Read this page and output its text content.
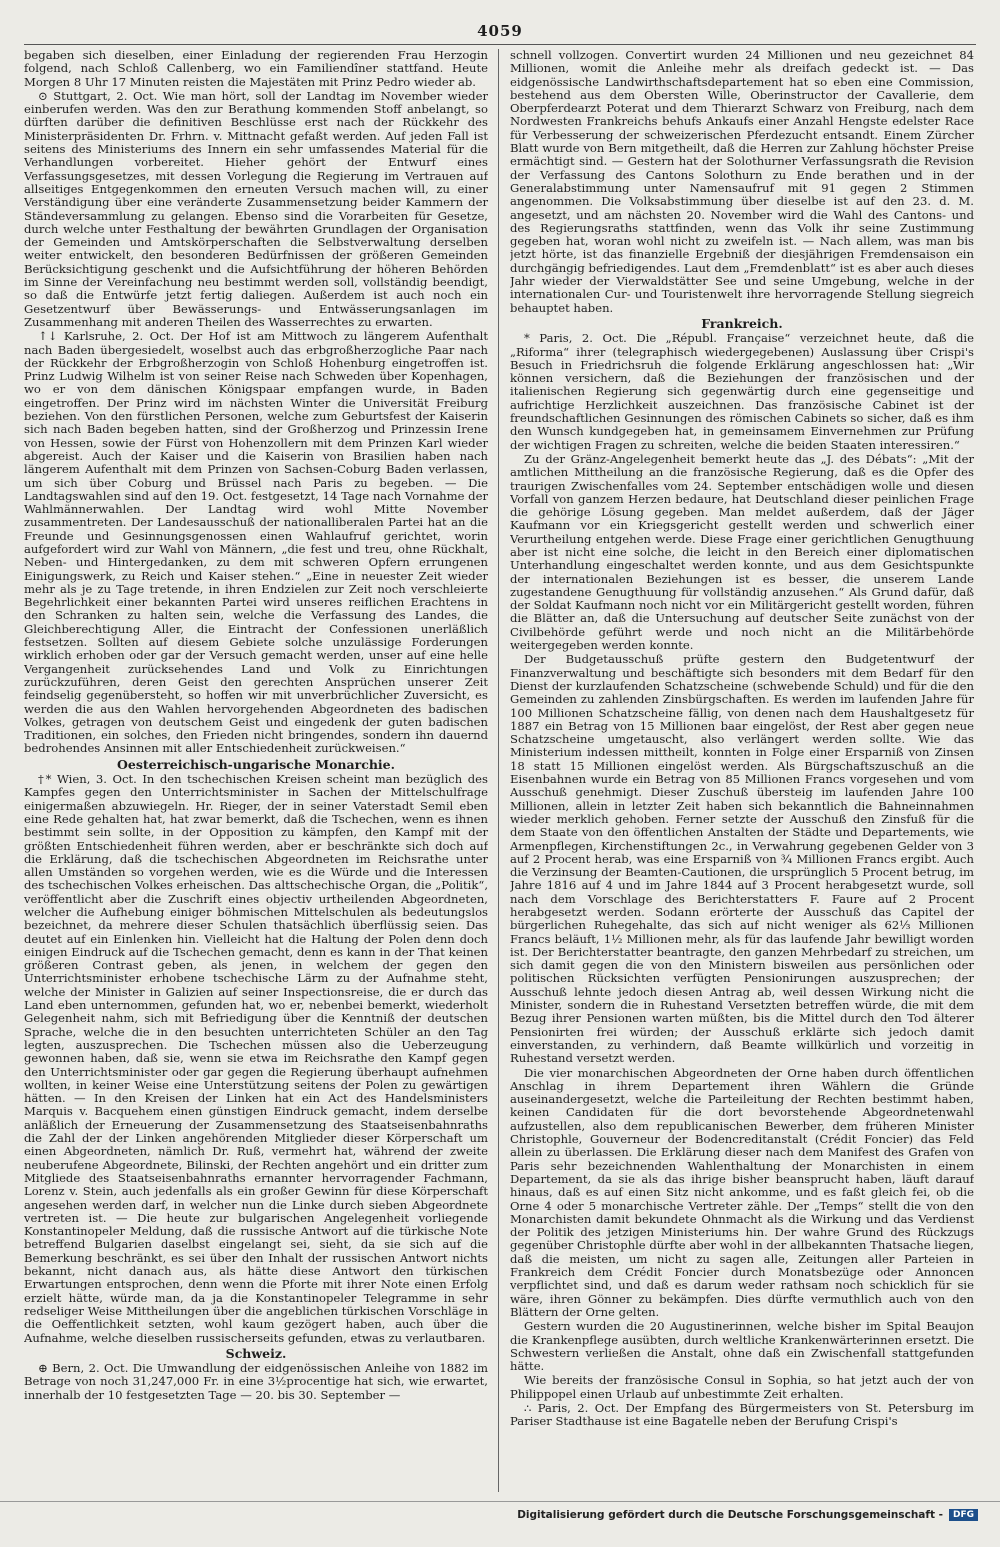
4059

begaben sich dieselben, einer Einladung der regierenden Frau Herzogin folgend, nach Schloß Callenberg, wo ein Familiendîner stattfand. Heute Morgen 8 Uhr 17 Minuten reisten die Majestäten mit Prinz Pedro wieder ab.

⊙ Stuttgart, 2. Oct. Wie man hört, soll der Landtag im November wieder einberufen werden. Was den zur Berathung kommenden Stoff anbelangt, so dürften darüber die definitiven Beschlüsse erst nach der Rückkehr des Ministerpräsidenten Dr. Frhrn. v. Mittnacht gefaßt werden. Auf jeden Fall ist seitens des Ministeriums des Innern ein sehr umfassendes Material für die Verhandlungen vorbereitet. Hieher gehört der Entwurf eines Verfassungsgesetzes, mit dessen Vorlegung die Regierung im Vertrauen auf allseitiges Entgegenkommen den erneuten Versuch machen will, zu einer Verständigung über eine veränderte Zusammensetzung beider Kammern der Ständeversammlung zu gelangen. Ebenso sind die Vorarbeiten für Gesetze, durch welche unter Festhaltung der bewährten Grundlagen der Organisation der Gemeinden und Amtskörperschaften die Selbstverwaltung derselben weiter entwickelt, den besonderen Bedürfnissen der größeren Gemeinden Berücksichtigung geschenkt und die Aufsichtführung der höheren Behörden im Sinne der Vereinfachung neu bestimmt werden soll, vollständig beendigt, so daß die Entwürfe jetzt fertig daliegen. Außerdem ist auch noch ein Gesetzentwurf über Bewässerungs- und Entwässerungsanlagen im Zusammenhang mit anderen Theilen des Wasserrechtes zu erwarten.

↑↓ Karlsruhe, 2. Oct. Der Hof ist am Mittwoch zu längerem Aufenthalt nach Baden übergesiedelt, woselbst auch das erbgroßherzogliche Paar nach der Rückkehr der Erbgroßherzogin von Schloß Hohenburg eingetroffen ist. Prinz Ludwig Wilhelm ist von seiner Reise nach Schweden über Kopenhagen, wo er von dem dänischen Königspaar empfangen wurde, in Baden eingetroffen. Der Prinz wird im nächsten Winter die Universität Freiburg beziehen. Von den fürstlichen Personen, welche zum Geburtsfest der Kaiserin sich nach Baden begeben hatten, sind der Großherzog und Prinzessin Irene von Hessen, sowie der Fürst von Hohenzollern mit dem Prinzen Karl wieder abgereist. Auch der Kaiser und die Kaiserin von Brasilien haben nach längerem Aufenthalt mit dem Prinzen von Sachsen-Coburg Baden verlassen, um sich über Coburg und Brüssel nach Paris zu begeben. — Die Landtagswahlen sind auf den 19. Oct. festgesetzt, 14 Tage nach Vornahme der Wahlmännerwahlen. Der Landtag wird wohl Mitte November zusammentreten. Der Landesausschuß der nationalliberalen Partei hat an die Freunde und Gesinnungsgenossen einen Wahlaufruf gerichtet, worin aufgefordert wird zur Wahl von Männern, „die fest und treu, ohne Rückhalt, Neben- und Hintergedanken, zu dem mit schweren Opfern errungenen Einigungswerk, zu Reich und Kaiser stehen.“ „Eine in neuester Zeit wieder mehr als je zu Tage tretende, in ihren Endzielen zur Zeit noch verschleierte Begehrlichkeit einer bekannten Partei wird unseres reiflichen Erachtens in den Schranken zu halten sein, welche die Verfassung des Landes, die Gleichberechtigung Aller, die Eintracht der Confessionen unerläßlich festsetzen. Sollten auf diesem Gebiete solche unzulässige Forderungen wirklich erhoben oder gar der Versuch gemacht werden, unser auf eine helle Vergangenheit zurücksehendes Land und Volk zu Einrichtungen zurückzuführen, deren Geist den gerechten Ansprüchen unserer Zeit feindselig gegenübersteht, so hoffen wir mit unverbrüchlicher Zuversicht, es werden die aus den Wahlen hervorgehenden Abgeordneten des badischen Volkes, getragen von deutschem Geist und eingedenk der guten badischen Traditionen, ein solches, den Frieden nicht bringendes, sondern ihn dauernd bedrohendes Ansinnen mit aller Entschiedenheit zurückweisen.“

Oesterreichisch-ungarische Monarchie.

†* Wien, 3. Oct. In den tschechischen Kreisen scheint man bezüglich des Kampfes gegen den Unterrichtsminister in Sachen der Mittelschulfrage einigermaßen abzuwiegeln. Hr. Rieger, der in seiner Vaterstadt Semil eben eine Rede gehalten hat, hat zwar bemerkt, daß die Tschechen, wenn es ihnen bestimmt sein sollte, in der Opposition zu kämpfen, den Kampf mit der größten Entschiedenheit führen werden, aber er beschränkte sich doch auf die Erklärung, daß die tschechischen Abgeordneten im Reichsrathe unter allen Umständen so vorgehen werden, wie es die Würde und die Interessen des tschechischen Volkes erheischen. Das alttschechische Organ, die „Politik“, veröffentlicht aber die Zuschrift eines objectiv urtheilenden Abgeordneten, welcher die Aufhebung einiger böhmischen Mittelschulen als bedeutungslos bezeichnet, da mehrere dieser Schulen thatsächlich überflüssig seien. Das deutet auf ein Einlenken hin. Vielleicht hat die Haltung der Polen denn doch einigen Eindruck auf die Tschechen gemacht, denn es kann in der That keinen größeren Contrast geben, als jenen, in welchem der gegen den Unterrichtsminister erhobene tschechische Lärm zu der Aufnahme steht, welche der Minister in Galizien auf seiner Inspectionsreise, die er durch das Land eben unternommen, gefunden hat, wo er, nebenbei bemerkt, wiederholt Gelegenheit nahm, sich mit Befriedigung über die Kenntniß der deutschen Sprache, welche die in den besuchten unterrichteten Schüler an den Tag legten, auszusprechen. Die Tschechen müssen also die Ueberzeugung gewonnen haben, daß sie, wenn sie etwa im Reichsrathe den Kampf gegen den Unterrichtsminister oder gar gegen die Regierung überhaupt aufnehmen wollten, in keiner Weise eine Unterstützung seitens der Polen zu gewärtigen hätten. — In den Kreisen der Linken hat ein Act des Handelsministers Marquis v. Bacquehem einen günstigen Eindruck gemacht, indem derselbe anläßlich der Erneuerung der Zusammensetzung des Staatseisenbahnraths die Zahl der der Linken angehörenden Mitglieder dieser Körperschaft um einen Abgeordneten, nämlich Dr. Ruß, vermehrt hat, während der zweite neuberufene Abgeordnete, Bilinski, der Rechten angehört und ein dritter zum Mitgliede des Staatseisenbahnraths ernannter hervorragender Fachmann, Lorenz v. Stein, auch jedenfalls als ein großer Gewinn für diese Körperschaft angesehen werden darf, in welcher nun die Linke durch sieben Abgeordnete vertreten ist. — Die heute zur bulgarischen Angelegenheit vorliegende Konstantinopeler Meldung, daß die russische Antwort auf die türkische Note betreffend Bulgarien daselbst eingelangt sei, sieht, da sie sich auf die Bemerkung beschränkt, es sei über den Inhalt der russischen Antwort nichts bekannt, nicht danach aus, als hätte diese Antwort den türkischen Erwartungen entsprochen, denn wenn die Pforte mit ihrer Note einen Erfolg erzielt hätte, würde man, da ja die Konstantinopeler Telegramme in sehr redseliger Weise Mittheilungen über die angeblichen türkischen Vorschläge in die Oeffentlichkeit setzten, wohl kaum gezögert haben, auch über die Aufnahme, welche dieselben russischerseits gefunden, etwas zu verlautbaren.

Schweiz.

⊕ Bern, 2. Oct. Die Umwandlung der eidgenössischen Anleihe von 1882 im Betrage von noch 31,247,000 Fr. in eine 3½procentige hat sich, wie erwartet, innerhalb der 10 festgesetzten Tage — 20. bis 30. September —

schnell vollzogen. Convertirt wurden 24 Millionen und neu gezeichnet 84 Millionen, womit die Anleihe mehr als dreifach gedeckt ist. — Das eidgenössische Landwirthschaftsdepartement hat so eben eine Commission, bestehend aus dem Obersten Wille, Oberinstructor der Cavallerie, dem Oberpferdearzt Poterat und dem Thierarzt Schwarz von Freiburg, nach dem Nordwesten Frankreichs behufs Ankaufs einer Anzahl Hengste edelster Race für Verbesserung der schweizerischen Pferdezucht entsandt. Einem Zürcher Blatt wurde von Bern mitgetheilt, daß die Herren zur Zahlung höchster Preise ermächtigt sind. — Gestern hat der Solothurner Verfassungsrath die Revision der Verfassung des Cantons Solothurn zu Ende berathen und in der Generalabstimmung unter Namensaufruf mit 91 gegen 2 Stimmen angenommen. Die Volksabstimmung über dieselbe ist auf den 23. d. M. angesetzt, und am nächsten 20. November wird die Wahl des Cantons- und des Regierungsraths stattfinden, wenn das Volk ihr seine Zustimmung gegeben hat, woran wohl nicht zu zweifeln ist. — Nach allem, was man bis jetzt hörte, ist das finanzielle Ergebniß der diesjährigen Fremdensaison ein durchgängig befriedigendes. Laut dem „Fremdenblatt“ ist es aber auch dieses Jahr wieder der Vierwaldstätter See und seine Umgebung, welche in der internationalen Cur- und Touristenwelt ihre hervorragende Stellung siegreich behauptet haben.

Frankreich.

* Paris, 2. Oct. Die „Républ. Française“ verzeichnet heute, daß die „Riforma“ ihrer (telegraphisch wiedergegebenen) Auslassung über Crispi's Besuch in Friedrichsruh die folgende Erklärung angeschlossen hat: „Wir können versichern, daß die Beziehungen der französischen und der italienischen Regierung sich gegenwärtig durch eine gegenseitige und aufrichtige Herzlichkeit auszeichnen. Das französische Cabinet ist der freundschaftlichen Gesinnungen des römischen Cabinets so sicher, daß es ihm den Wunsch kundgegeben hat, in gemeinsamem Einvernehmen zur Prüfung der wichtigen Fragen zu schreiten, welche die beiden Staaten interessiren.“

Zu der Gränz-Angelegenheit bemerkt heute das „J. des Débats“: „Mit der amtlichen Mittheilung an die französische Regierung, daß es die Opfer des traurigen Zwischenfalles vom 24. September entschädigen wolle und diesen Vorfall von ganzem Herzen bedaure, hat Deutschland dieser peinlichen Frage die gehörige Lösung gegeben. Man meldet außerdem, daß der Jäger Kaufmann vor ein Kriegsgericht gestellt werden und schwerlich einer Verurtheilung entgehen werde. Diese Frage einer gerichtlichen Genugthuung aber ist nicht eine solche, die leicht in den Bereich einer diplomatischen Unterhandlung eingeschaltet werden konnte, und aus dem Gesichtspunkte der internationalen Beziehungen ist es besser, die unserem Lande zugestandene Genugthuung für vollständig anzusehen.“ Als Grund dafür, daß der Soldat Kaufmann noch nicht vor ein Militärgericht gestellt worden, führen die Blätter an, daß die Untersuchung auf deutscher Seite zunächst von der Civilbehörde geführt werde und noch nicht an die Militärbehörde weitergegeben werden konnte.

Der Budgetausschuß prüfte gestern den Budgetentwurf der Finanzverwaltung und beschäftigte sich besonders mit dem Bedarf für den Dienst der kurzlaufenden Schatzscheine (schwebende Schuld) und für die den Gemeinden zu zahlenden Zinsbürgschaften. Es werden im laufenden Jahre für 100 Millionen Schatzscheine fällig, von denen nach dem Haushaltgesetz für 1887 ein Betrag von 15 Millionen baar eingelöst, der Rest aber gegen neue Schatzscheine umgetauscht, also verlängert werden sollte. Wie das Ministerium indessen mittheilt, konnten in Folge einer Ersparniß von Zinsen 18 statt 15 Millionen eingelöst werden. Als Bürgschaftszuschuß an die Eisenbahnen wurde ein Betrag von 85 Millionen Francs vorgesehen und vom Ausschuß genehmigt. Dieser Zuschuß übersteig im laufenden Jahre 100 Millionen, allein in letzter Zeit haben sich bekanntlich die Bahneinnahmen wieder merklich gehoben. Ferner setzte der Ausschuß den Zinsfuß für die dem Staate von den öffentlichen Anstalten der Städte und Departements, wie Armenpflegen, Kirchenstiftungen 2c., in Verwahrung gegebenen Gelder von 3 auf 2 Procent herab, was eine Ersparniß von ¾ Millionen Francs ergibt. Auch die Verzinsung der Beamten-Cautionen, die ursprünglich 5 Procent betrug, im Jahre 1816 auf 4 und im Jahre 1844 auf 3 Procent herabgesetzt wurde, soll nach dem Vorschlage des Berichterstatters F. Faure auf 2 Procent herabgesetzt werden. Sodann erörterte der Ausschuß das Capitel der bürgerlichen Ruhegehalte, das sich auf nicht weniger als 62⅓ Millionen Francs beläuft, 1½ Millionen mehr, als für das laufende Jahr bewilligt worden ist. Der Berichterstatter beantragte, den ganzen Mehrbedarf zu streichen, um sich damit gegen die von den Ministern bisweilen aus persönlichen oder politischen Rücksichten verfügten Pensionirungen auszusprechen; der Ausschuß lehnte jedoch diesen Antrag ab, weil dessen Wirkung nicht die Minister, sondern die in Ruhestand Versetzten betreffen würde, die mit dem Bezug ihrer Pensionen warten müßten, bis die Mittel durch den Tod älterer Pensionirten frei würden; der Ausschuß erklärte sich jedoch damit einverstanden, zu verhindern, daß Beamte willkürlich und vorzeitig in Ruhestand versetzt werden.

Die vier monarchischen Abgeordneten der Orne haben durch öffentlichen Anschlag in ihrem Departement ihren Wählern die Gründe auseinandergesetzt, welche die Parteileitung der Rechten bestimmt haben, keinen Candidaten für die dort bevorstehende Abgeordnetenwahl aufzustellen, also dem republicanischen Bewerber, dem früheren Minister Christophle, Gouverneur der Bodencreditanstalt (Crédit Foncier) das Feld allein zu überlassen. Die Erklärung dieser nach dem Manifest des Grafen von Paris sehr bezeichnenden Wahlenthaltung der Monarchisten in einem Departement, da sie als das ihrige bisher beansprucht haben, läuft darauf hinaus, daß es auf einen Sitz nicht ankomme, und es faßt gleich fei, ob die Orne 4 oder 5 monarchische Vertreter zähle. Der „Temps“ stellt die von den Monarchisten damit bekundete Ohnmacht als die Wirkung und das Verdienst der Politik des jetzigen Ministeriums hin. Der wahre Grund des Rückzugs gegenüber Christophle dürfte aber wohl in der allbekannten Thatsache liegen, daß die meisten, um nicht zu sagen alle, Zeitungen aller Parteien in Frankreich dem Crédit Foncier durch Monatsbezüge oder Annoncen verpflichtet sind, und daß es darum weder rathsam noch schicklich für sie wäre, ihren Gönner zu bekämpfen. Dies dürfte vermuthlich auch von den Blättern der Orne gelten.

Gestern wurden die 20 Augustinerinnen, welche bisher im Spital Beaujon die Krankenpflege ausübten, durch weltliche Krankenwärterinnen ersetzt. Die Schwestern verließen die Anstalt, ohne daß ein Zwischenfall stattgefunden hätte.

Wie bereits der französische Consul in Sophia, so hat jetzt auch der von Philippopel einen Urlaub auf unbestimmte Zeit erhalten.

∴ Paris, 2. Oct. Der Empfang des Bürgermeisters von St. Petersburg im Pariser Stadthause ist eine Bagatelle neben der Berufung Crispi's

Digitalisierung gefördert durch die Deutsche Forschungsgemeinschaft -	DFG
